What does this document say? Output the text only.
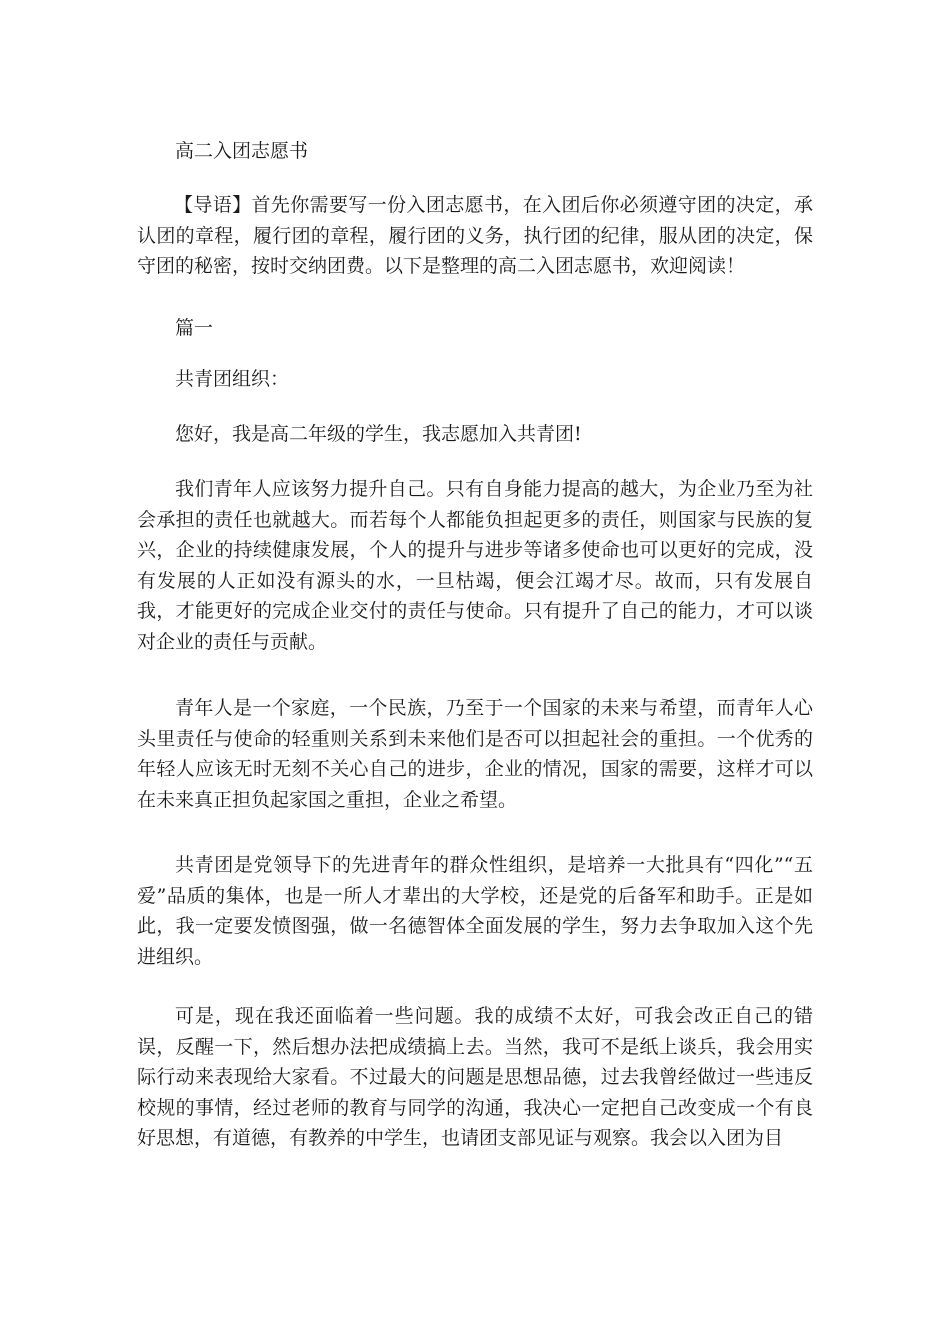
高二入团志愿书

【导语】首先你需要写一份入团志愿书，在入团后你必须遵守团的决定，承认团的章程，履行团的章程，履行团的义务，执行团的纪律，服从团的决定，保守团的秘密，按时交纳团费。以下是整理的高二入团志愿书，欢迎阅读！

篇一

共青团组织：

您好，我是高二年级的学生，我志愿加入共青团!

我们青年人应该努力提升自己。只有自身能力提高的越大，为企业乃至为社会承担的责任也就越大。而若每个人都能负担起更多的责任，则国家与民族的复兴，企业的持续健康发展，个人的提升与进步等诸多使命也可以更好的完成，没有发展的人正如没有源头的水，一旦枯竭，便会江竭才尽。故而，只有发展自我，才能更好的完成企业交付的责任与使命。只有提升了自己的能力，才可以谈对企业的责任与贡献。

青年人是一个家庭，一个民族，乃至于一个国家的未来与希望，而青年人心头里责任与使命的轻重则关系到未来他们是否可以担起社会的重担。一个优秀的年轻人应该无时无刻不关心自己的进步，企业的情况，国家的需要，这样才可以在未来真正担负起家国之重担，企业之希望。

共青团是党领导下的先进青年的群众性组织，是培养一大批具有“四化”“五爱”品质的集体，也是一所人才辈出的大学校，还是党的后备军和助手。正是如此，我一定要发愤图强，做一名德智体全面发展的学生，努力去争取加入这个先进组织。

可是，现在我还面临着一些问题。我的成绩不太好，可我会改正自己的错误，反醒一下，然后想办法把成绩搞上去。当然，我可不是纸上谈兵，我会用实际行动来表现给大家看。不过最大的问题是思想品德，过去我曾经做过一些违反校规的事情，经过老师的教育与同学的沟通，我决心一定把自己改变成一个有良好思想，有道德，有教养的中学生，也请团支部见证与观察。我会以入团为目
